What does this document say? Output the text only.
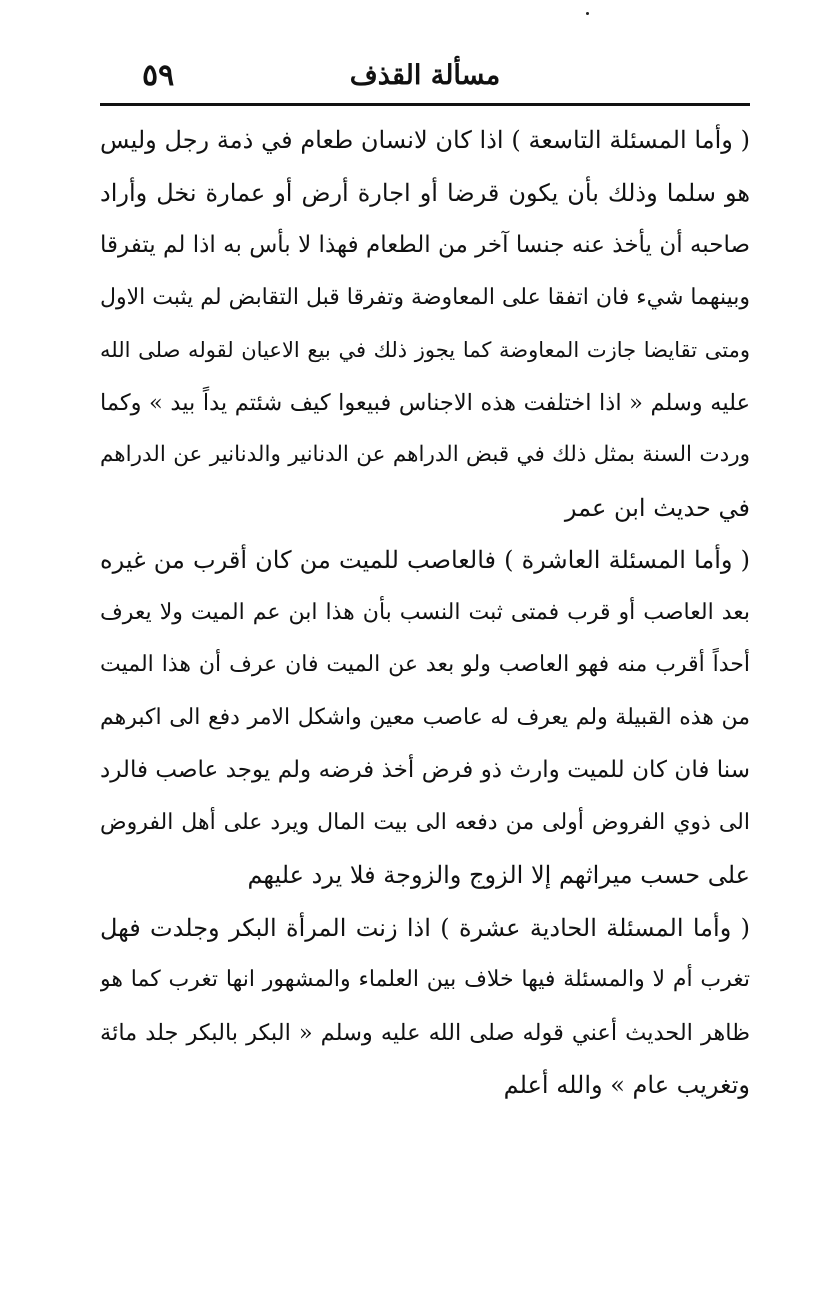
٥٩	مسألة القذف
( وأما المسئلة التاسعة ) اذا كان لانسان طعام في ذمة رجل وليس
هو سلما وذلك بأن يكون قرضا أو اجارة أرض أو عمارة نخل وأراد
صاحبه أن يأخذ عنه جنسا آخر من الطعام فهذا لا بأس به اذا لم يتفرقا
وبينهما شيء فان اتفقا على المعاوضة وتفرقا قبل التقابض لم يثبت الاول
ومتى تقايضا جازت المعاوضة كما يجوز ذلك في بيع الاعيان لقوله صلى الله
عليه وسلم « اذا اختلفت هذه الاجناس فبيعوا كيف شئتم يداً بيد » وكما
وردت السنة بمثل ذلك في قبض الدراهم عن الدنانير والدنانير عن الدراهم
في حديث ابن عمر
( وأما المسئلة العاشرة ) فالعاصب للميت من كان أقرب من غيره
بعد العاصب أو قرب فمتى ثبت النسب بأن هذا ابن عم الميت ولا يعرف
أحداً أقرب منه فهو العاصب ولو بعد عن الميت فان عرف أن هذا الميت
من هذه القبيلة ولم يعرف له عاصب معين واشكل الامر دفع الى اكبرهم
سنا فان كان للميت وارث ذو فرض أخذ فرضه ولم يوجد عاصب فالرد
الى ذوي الفروض أولى من دفعه الى بيت المال ويرد على أهل الفروض
على حسب ميراثهم إلا الزوج والزوجة فلا يرد عليهم
( وأما المسئلة الحادية عشرة ) اذا زنت المرأة البكر وجلدت فهل
تغرب أم لا والمسئلة فيها خلاف بين العلماء والمشهور انها تغرب كما هو
ظاهر الحديث أعني قوله صلى الله عليه وسلم « البكر بالبكر جلد مائة
وتغريب عام » والله أعلم
